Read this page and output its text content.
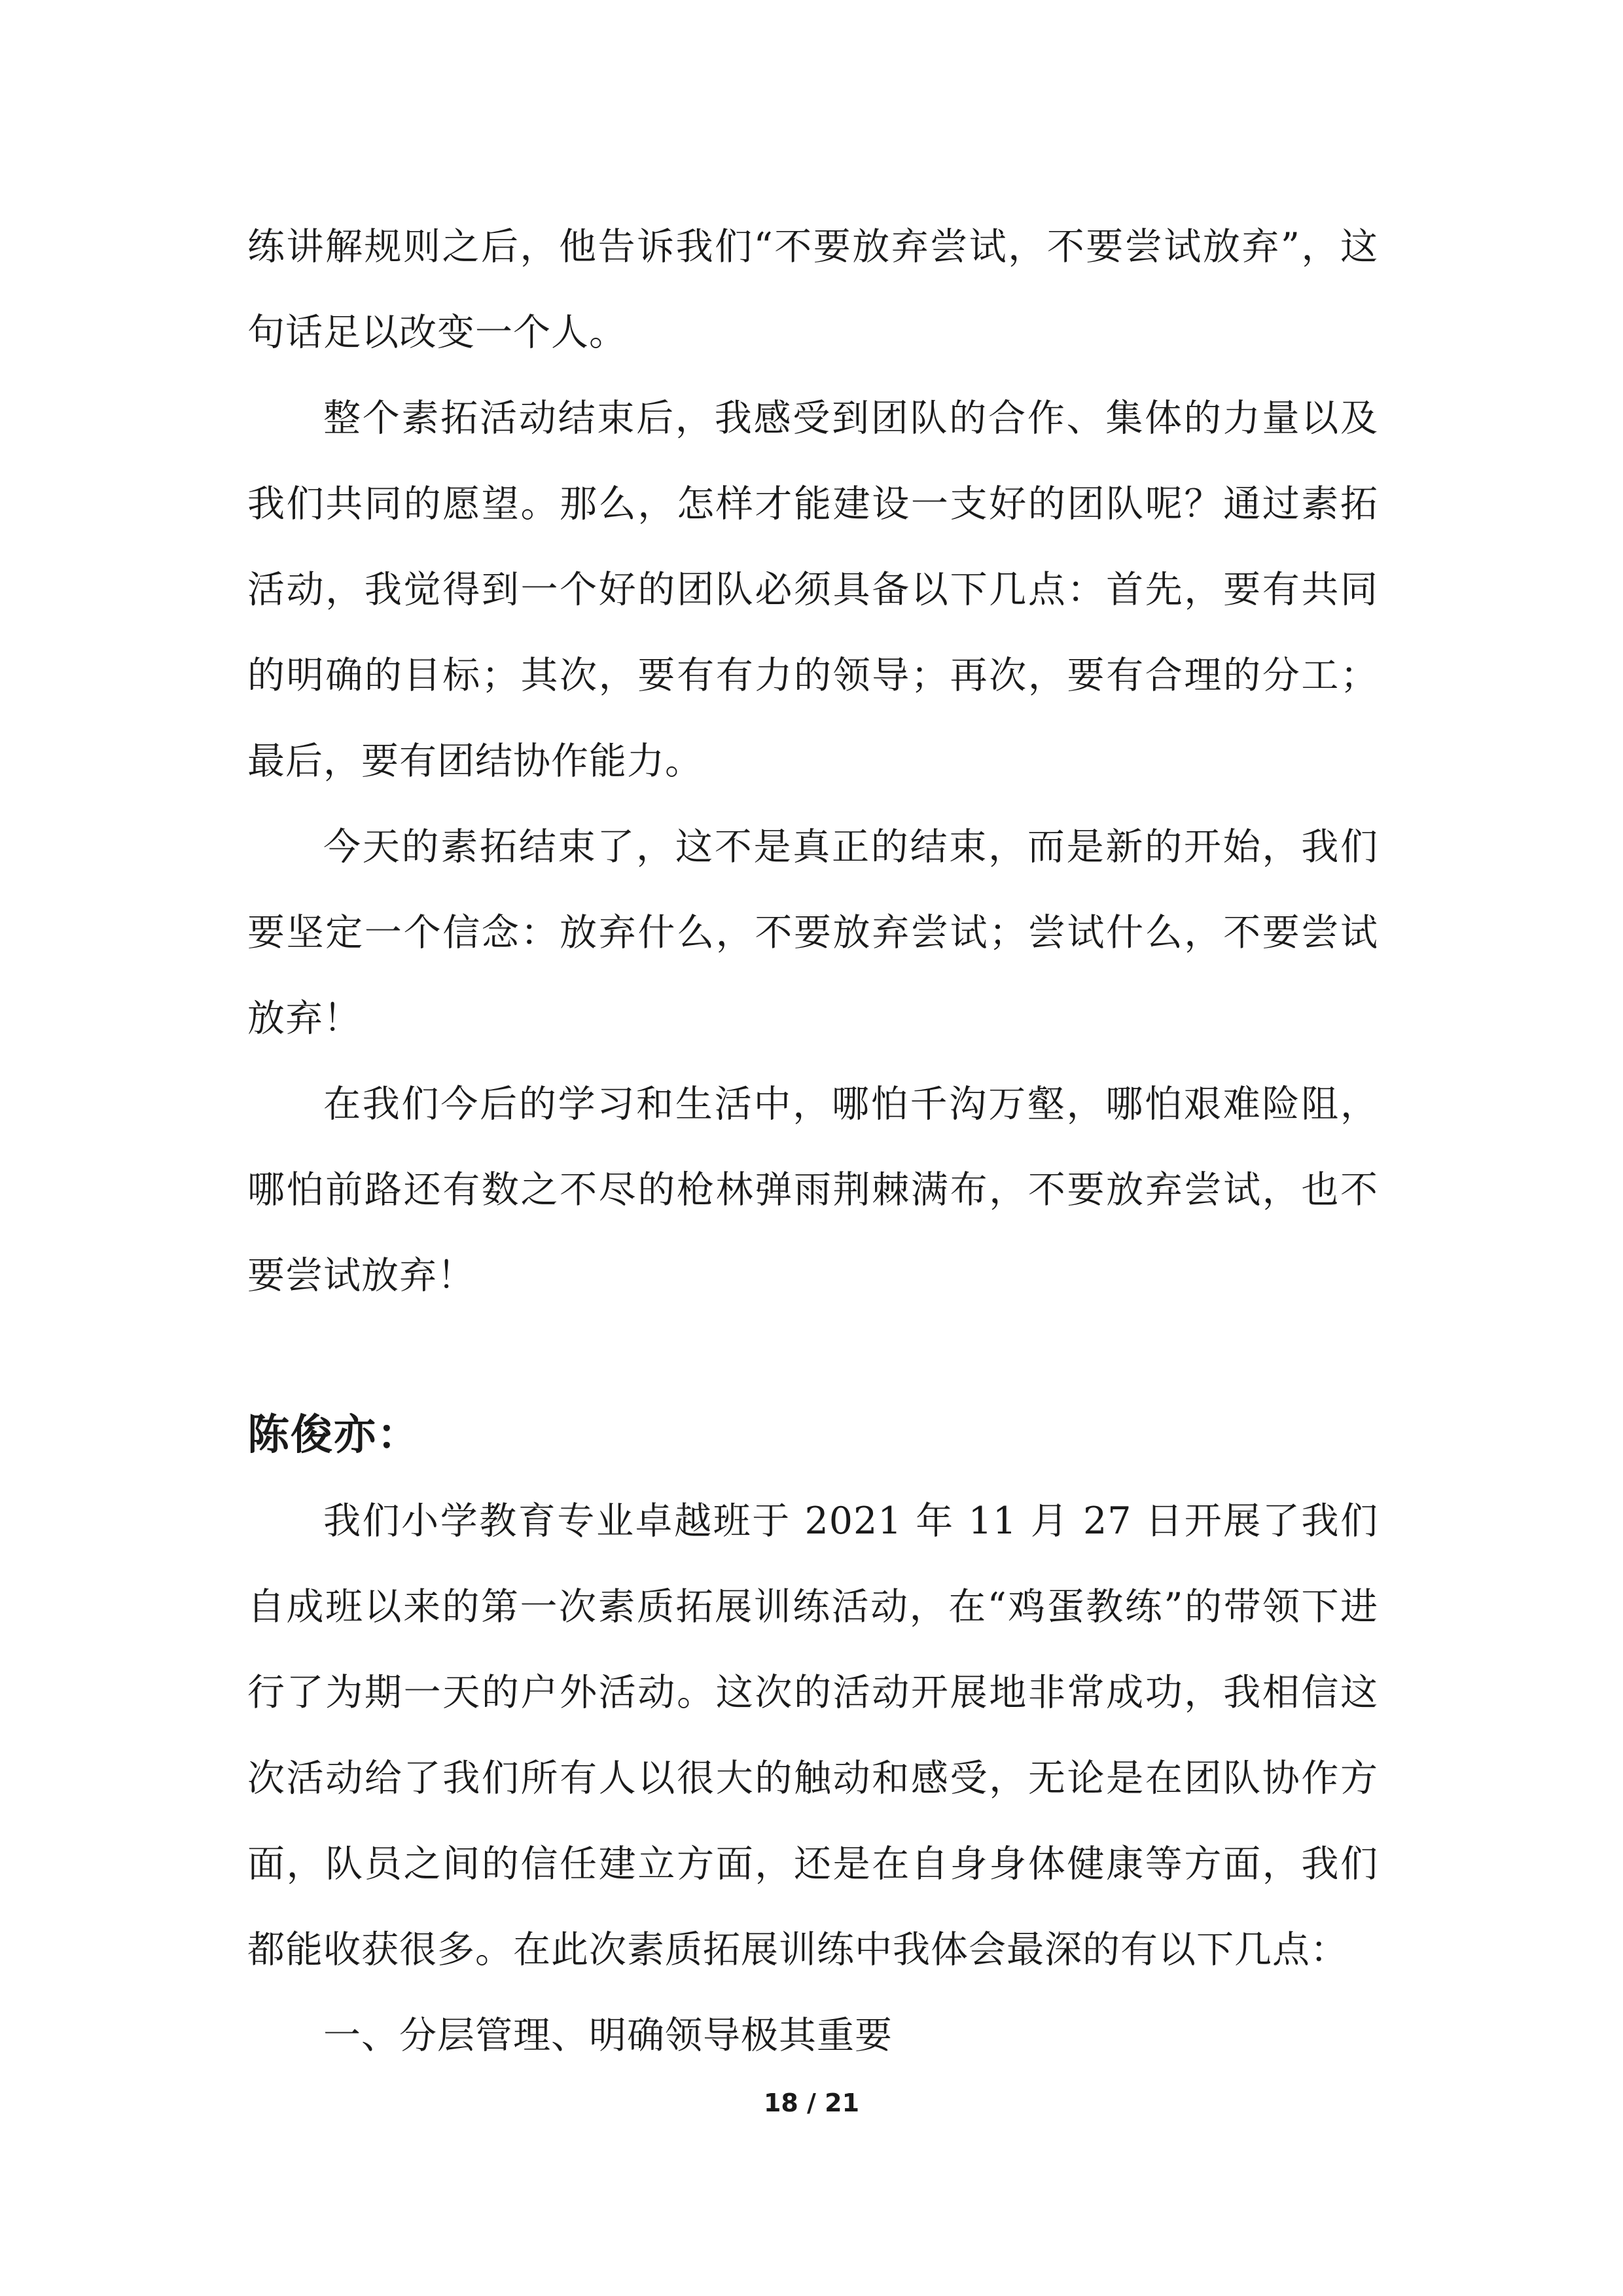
练讲解规则之后，他告诉我们“不要放弃尝试，不要尝试放弃”，这句话足以改变一个人。

整个素拓活动结束后，我感受到团队的合作、集体的力量以及我们共同的愿望。那么，怎样才能建设一支好的团队呢？通过素拓活动，我觉得到一个好的团队必须具备以下几点：首先，要有共同的明确的目标；其次，要有有力的领导；再次，要有合理的分工；最后，要有团结协作能力。

今天的素拓结束了，这不是真正的结束，而是新的开始，我们要坚定一个信念：放弃什么，不要放弃尝试；尝试什么，不要尝试放弃！

在我们今后的学习和生活中，哪怕千沟万壑，哪怕艰难险阻，哪怕前路还有数之不尽的枪林弹雨荆棘满布，不要放弃尝试，也不要尝试放弃！

陈俊亦：

我们小学教育专业卓越班于 2021 年 11 月 27 日开展了我们自成班以来的第一次素质拓展训练活动，在“鸡蛋教练”的带领下进行了为期一天的户外活动。这次的活动开展地非常成功，我相信这次活动给了我们所有人以很大的触动和感受，无论是在团队协作方面，队员之间的信任建立方面，还是在自身身体健康等方面，我们都能收获很多。在此次素质拓展训练中我体会最深的有以下几点：

一、分层管理、明确领导极其重要

18 / 21
